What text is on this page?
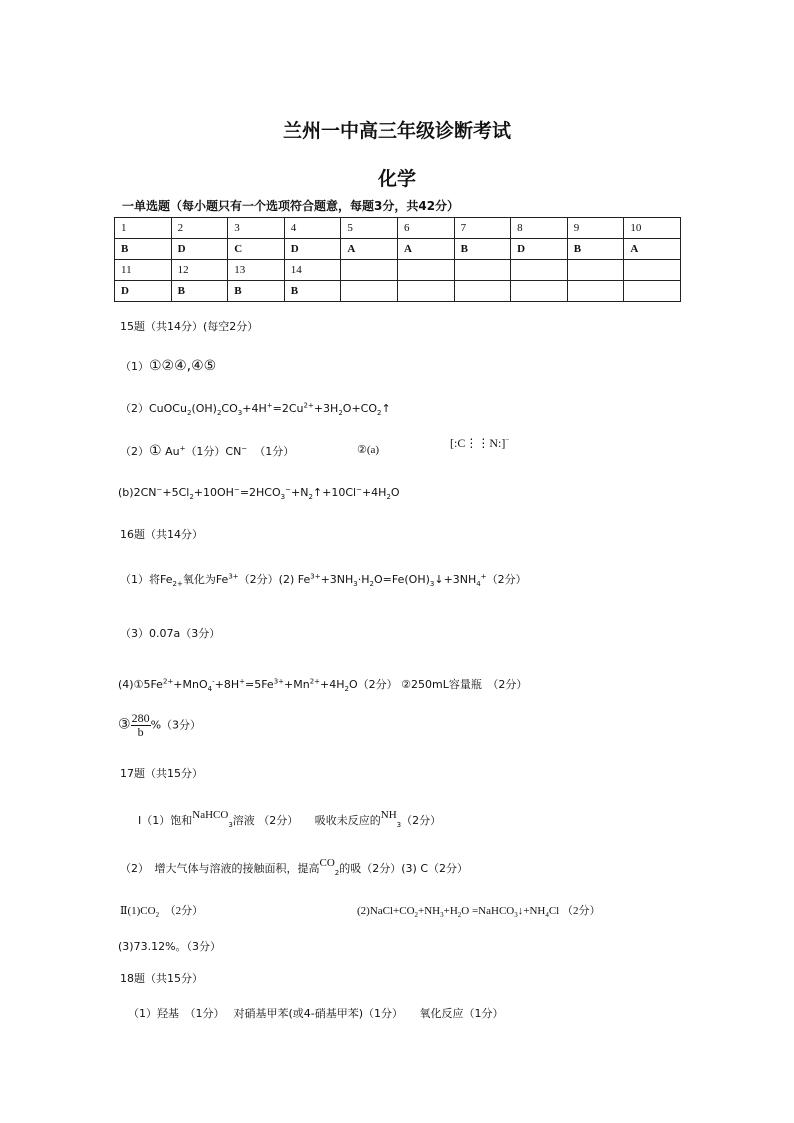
兰州一中高三年级诊断考试
化学
一单选题（每小题只有一个选项符合题意，每题3分，共42分）
1	2	3	4	5	6	7	8	9	10
B	D	C	D	A	A	B	D	B	A
11	12	13	14						
D	B	B	B						
15题（共14分）(每空2分）
（1）①②④,④⑤
$(2)CuOCu_2(OH)_2CO_3+4H^+=2Cu^{2+}+3H_2O+CO_2↑$
（2）① Au+（1分）CN− （1分）	②(a)	[:C⋮⋮N:]−
$(b)2CN^-+5Cl_2+10OH^-=2HCO_3^-+N_2↑+10Cl^-+4H_2O$
16题（共14分）
（1）将$Fe_{2+}$氧化为$Fe^{3+}(2$分）(2) $Fe^{3+}+3NH_3\cdot H_2O=Fe(OH)_3↓+3NH_4^+(2$分）
（3）0.07a（3分）
$(4)①5Fe^{2+}+MnO_4^-+8H^+=5Fe^{3+}+Mn^{2+}+4H_2O(2$分） ②250mL容量瓶　（2分）
③ $\frac{280}{b} \%(3$分）
17题（共15分）
Ⅰ（1）饱和NaHCO$_3$溶液 （2分）　　吸收未反应的$NH_3(2$分）
（2）　增大气体与溶液的接触面积，提高$CO_2$的吸（2分）(3) C（2分）
$Ⅱ(1)CO_2$ （2分）	$(2)NaCl+CO_2+NH_3+H_2O$ $=NaHCO_3↓+NH_4Cl$ （2分）
(3)73.12%。（3分）
18题（共15分）
（1）羟基　（1分）　 对硝基甲苯(或4-硝基甲苯)（1分）　　氧化反应（1分）
